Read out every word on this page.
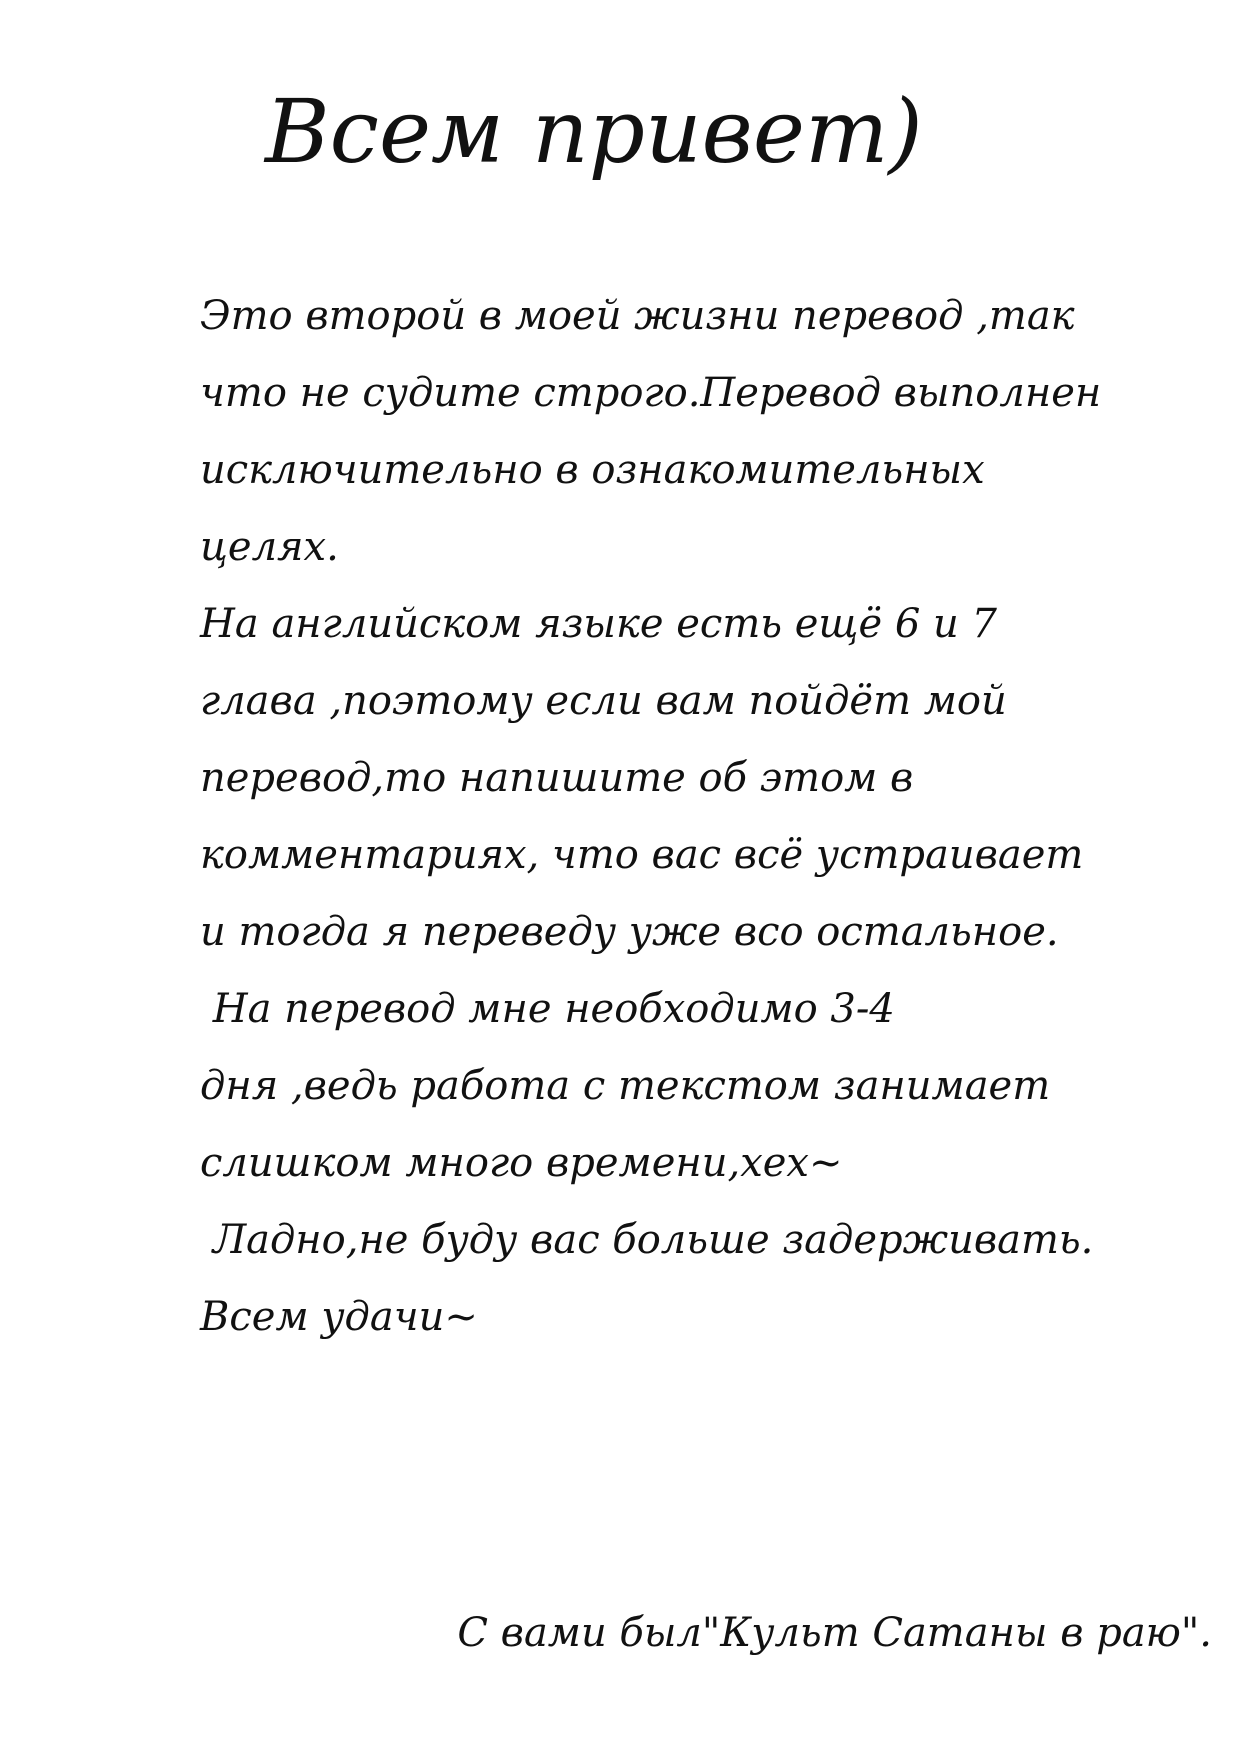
Всем привет)
Это второй в моей жизни перевод ,так
что не судите строго.Перевод выполнен
исключительно в ознакомительных
целях.
На английском языке есть ещё 6 и 7
глава ,поэтому если вам пойдёт мой
перевод,то напишите об этом в
комментариях, что вас всё устраивает
и тогда я переведу уже всо остальное.
На перевод мне необходимо 3-4
дня ,ведь работа с текстом занимает
слишком много времени,хех~
Ладно,не буду вас больше задерживать.
Всем удачи~
С вами был"Культ Сатаны в раю".
